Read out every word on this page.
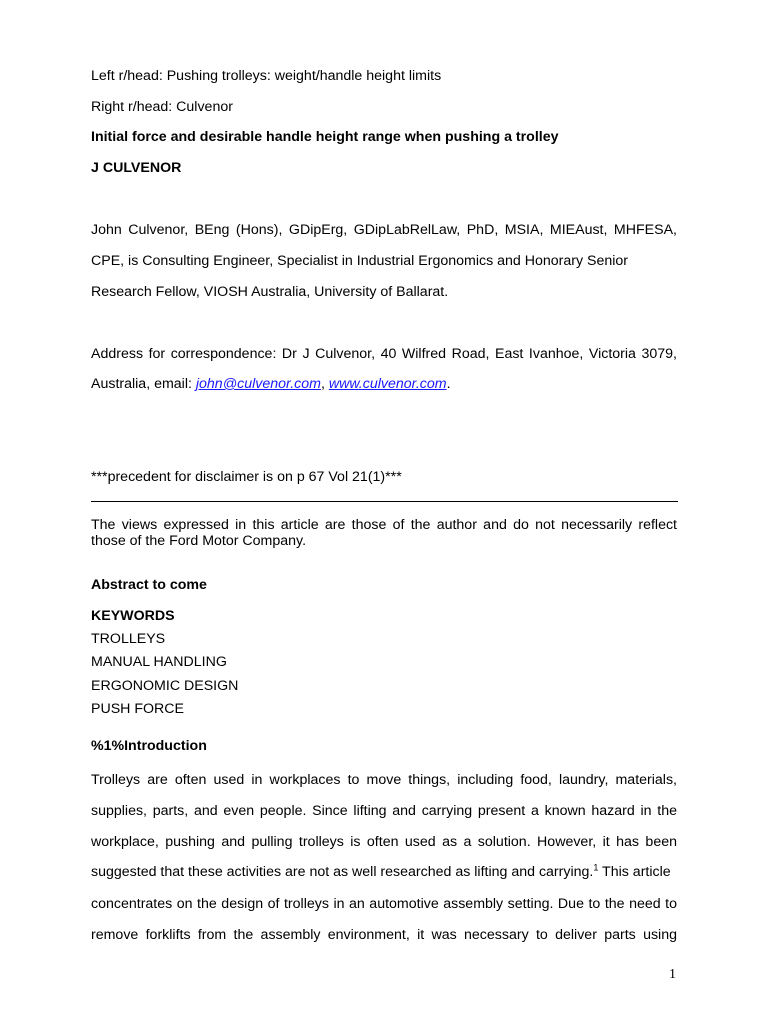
Left r/head: Pushing trolleys: weight/handle height limits
Right r/head: Culvenor
Initial force and desirable handle height range when pushing a trolley
J CULVENOR
John Culvenor, BEng (Hons), GDipErg, GDipLabRelLaw, PhD, MSIA, MIEAust, MHFESA,
CPE, is Consulting Engineer, Specialist in Industrial Ergonomics and Honorary Senior
Research Fellow, VIOSH Australia, University of Ballarat.
Address for correspondence: Dr J Culvenor, 40 Wilfred Road, East Ivanhoe, Victoria 3079,
Australia, email: john@culvenor.com, www.culvenor.com.
***precedent for disclaimer is on p 67 Vol 21(1)***
The views expressed in this article are those of the author and do not necessarily reflect
those of the Ford Motor Company.
Abstract to come
KEYWORDS
TROLLEYS
MANUAL HANDLING
ERGONOMIC DESIGN
PUSH FORCE
%1%Introduction
Trolleys are often used in workplaces to move things, including food, laundry, materials,
supplies, parts, and even people. Since lifting and carrying present a known hazard in the
workplace, pushing and pulling trolleys is often used as a solution. However, it has been
suggested that these activities are not as well researched as lifting and carrying.$^1$ This article
concentrates on the design of trolleys in an automotive assembly setting. Due to the need to
remove forklifts from the assembly environment, it was necessary to deliver parts using
1
